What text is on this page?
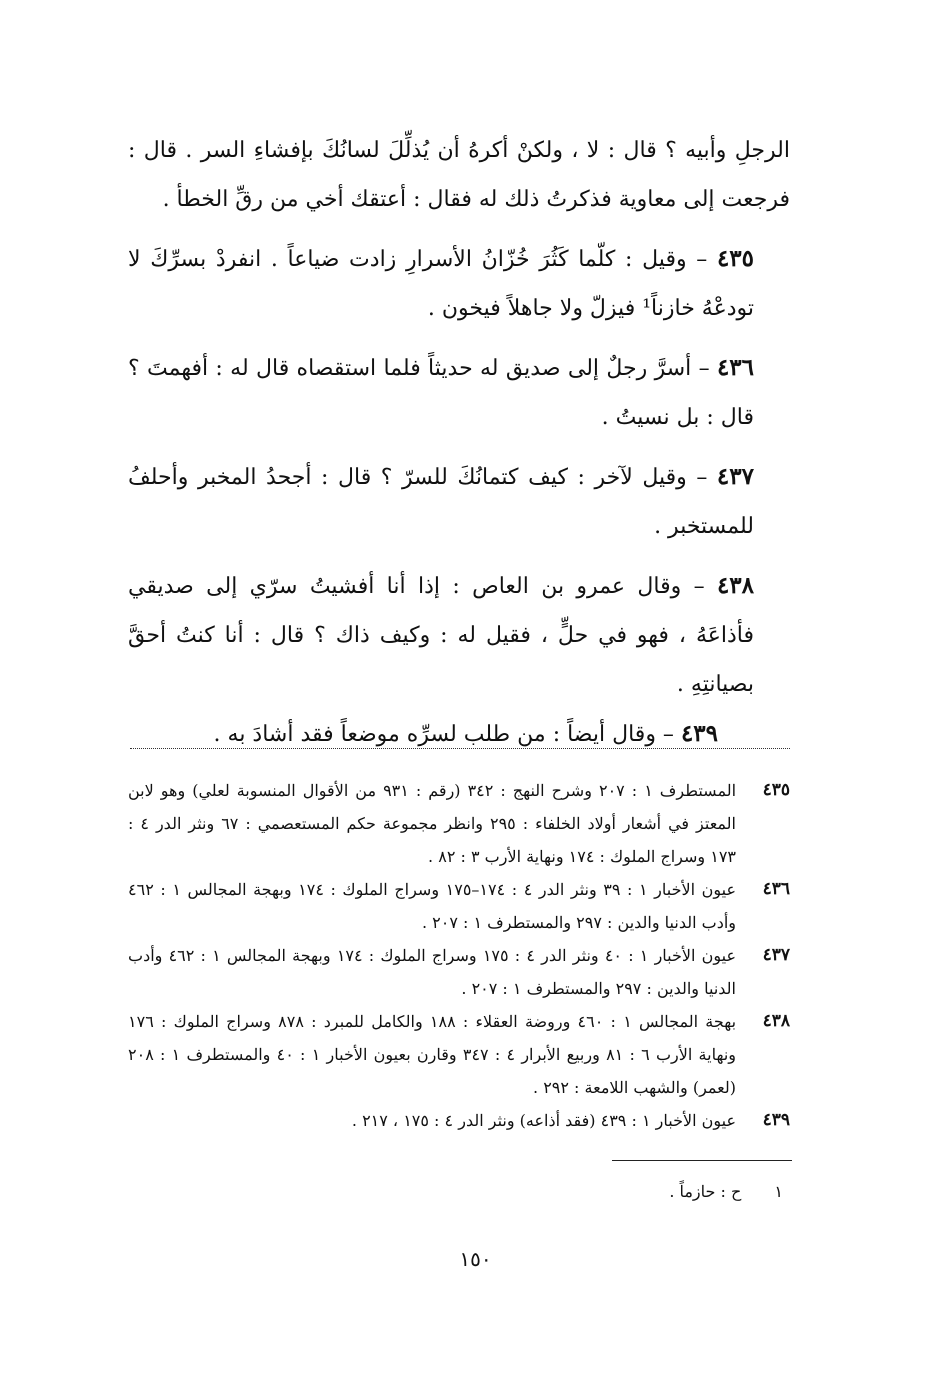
الرجلِ وأبيه ؟ قال : لا ، ولكنْ أكرهُ أن يُذلِّلَ لسانُكَ بإفشاءِ السر . قال : فرجعت إلى معاوية فذكرتُ ذلك له فقال : أعتقك أخي من رقِّ الخطأ .

٤٣٥ – وقيل : كلّما كَثُرَ خُزّانُ الأسرارِ زادت ضياعاً . انفردْ بسرِّكَ لا تودعْهُ خازناً¹ فيزلّ ولا جاهلاً فيخون .

٤٣٦ – أسرَّ رجلٌ إلى صديق له حديثاً فلما استقصاه قال له : أفهمتَ ؟ قال : بل نسيتُ .

٤٣٧ – وقيل لآخر : كيف كتمانُكَ للسرّ ؟ قال : أجحدُ المخبر وأحلفُ للمستخبر .

٤٣٨ – وقال عمرو بن العاص : إذا أنا أفشيتُ سرّي إلى صديقي فأذاعَهُ ، فهو في حلٍّ ، فقيل له : وكيف ذاك ؟ قال : أنا كنتُ أحقَّ بصيانتِهِ .

٤٣٩ – وقال أيضاً : من طلب لسرِّه موضعاً فقد أشادَ به .

٤٣٥
المستطرف ١ : ٢٠٧ وشرح النهج : ٣٤٢ (رقم : ٩٣١ من الأقوال المنسوبة لعلي) وهو لابن المعتز في أشعار أولاد الخلفاء : ٢٩٥ وانظر مجموعة حكم المستعصمي : ٦٧ ونثر الدر ٤ : ١٧٣ وسراج الملوك : ١٧٤ ونهاية الأرب ٣ : ٨٢ .

٤٣٦
عيون الأخبار ١ : ٣٩ ونثر الدر ٤ : ١٧٤–١٧٥ وسراج الملوك : ١٧٤ وبهجة المجالس ١ : ٤٦٢ وأدب الدنيا والدين : ٢٩٧ والمستطرف ١ : ٢٠٧ .

٤٣٧
عيون الأخبار ١ : ٤٠ ونثر الدر ٤ : ١٧٥ وسراج الملوك : ١٧٤ وبهجة المجالس ١ : ٤٦٢ وأدب الدنيا والدين : ٢٩٧ والمستطرف ١ : ٢٠٧ .

٤٣٨
بهجة المجالس ١ : ٤٦٠ وروضة العقلاء : ١٨٨ والكامل للمبرد : ٨٧٨ وسراج الملوك : ١٧٦ ونهاية الأرب ٦ : ٨١ وربيع الأبرار ٤ : ٣٤٧ وقارن بعيون الأخبار ١ : ٤٠ والمستطرف ١ : ٢٠٨ (لعمر) والشهب اللامعة : ٢٩٢ .

٤٣٩
عيون الأخبار ١ : ٤٣٩ (فقد أذاعه) ونثر الدر ٤ : ١٧٥ ، ٢١٧ .

١ ح : حازماً .
١٥٠
